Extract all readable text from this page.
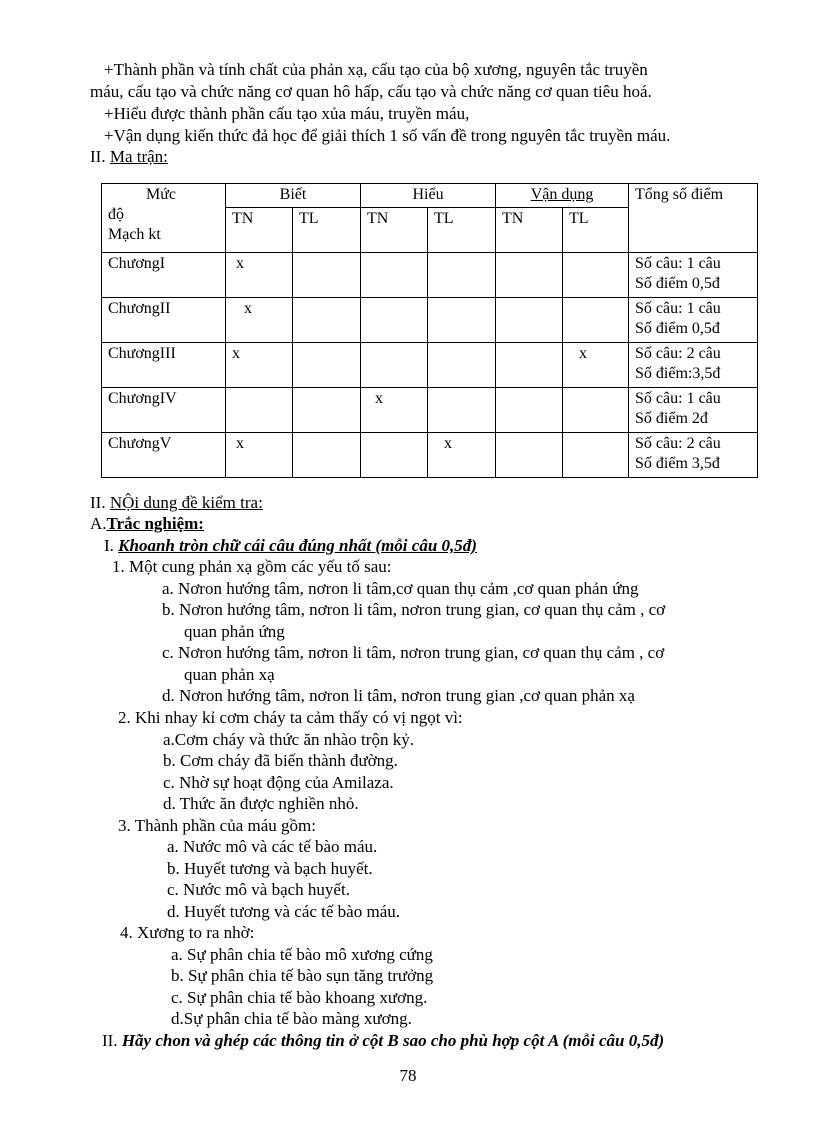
+Thành phần và tính chất của phản xạ, cấu tạo của bộ xương, nguyên tắc truyền
máu, cấu tạo và chức năng cơ quan hô hấp, cấu tạo và chức năng cơ quan tiêu hoá.
+Hiểu được thành phần cấu tạo xủa máu, truyền máu,
+Vận dụng kiến thức đả học để giải thích 1 số vấn đề trong nguyên tắc truyền máu.
II. Ma trận:
Mức
độ
Mạch kt	Biết		Hiểu		Vận dụng		Tổng số điểm
	TN	TL	TN	TL	TN	TL	
ChươngI	x						Số câu: 1 câu
Số điểm 0,5đ

ChươngII	x						Số câu: 1 câu
Số điểm 0,5đ

ChươngIII	x					x	Số câu: 2 câu
Số điểm:3,5đ

ChươngIV			x				Số câu: 1 câu
Số điểm 2đ

ChươngV	x			x			Số câu: 2 câu
Số điểm 3,5đ
II. NỘi dung đề kiểm tra:
A.Trắc nghiệm:
I. Khoanh tròn chữ cái câu đúng nhất (mỗi câu 0,5đ)
1. Một cung phản xạ gồm các yếu tố sau:
a. Nơron hướng tâm, nơron li tâm,cơ quan thụ cảm ,cơ quan phản ứng
b. Nơron hướng tâm, nơron li tâm, nơron trung gian, cơ quan thụ cảm , cơ
quan phản ứng
c. Nơron hướng tâm, nơron li tâm, nơron trung gian, cơ quan thụ cảm , cơ
quan phản xạ
d. Nơron hướng tâm, nơron li tâm, nơron trung gian ,cơ quan phản xạ
2. Khi nhay kỉ cơm cháy ta cảm thấy có vị ngọt vì:
a.Cơm cháy và thức ăn nhào trộn kỷ.
b. Cơm cháy đã biến thành đường.
c. Nhờ sự hoạt động của Amilaza.
d. Thức ăn được nghiền nhỏ.
3. Thành phần của máu gồm:
a. Nước mô và các tế bào máu.
b. Huyết tương và bạch huyết.
c. Nước mô và bạch huyết.
d. Huyết tương và các tế bào máu.
4. Xương to ra nhờ:
a. Sự phân chia tế bào mô xương cứng
b. Sự phân chia tế bào sụn tăng trưởng
c. Sự phân chia tế bào khoang xương.
d.Sự phân chia tế bào màng xương.
II. Hãy chon và ghép các thông tin ở cột B sao cho phù hợp cột A (mỗi câu 0,5đ)
78
